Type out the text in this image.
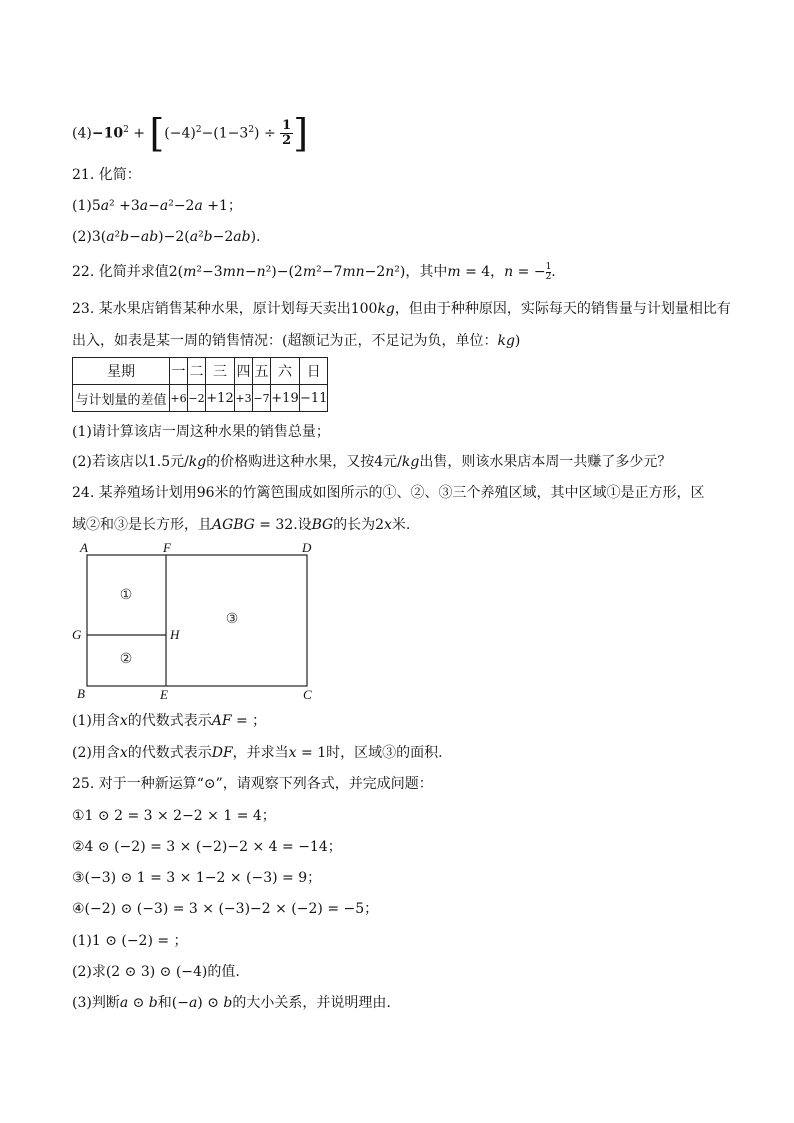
$(4)-10^2 + [(-4)^2-(1-3^2) \div \frac{1}{2}$ ]
21. 化简：
(1)5𝑎² +3𝑎−𝑎²−2𝑎 +1；
(2)3(𝑎²𝑏−𝑎𝑏)−2(𝑎²𝑏−2𝑎𝑏).
22. 化简并求值2(𝑚²−3𝑚𝑛−𝑛²)−(2𝑚²−7𝑚𝑛−2𝑛²)，其中𝑚 = 4，𝑛 = − $\frac{1}{2}$.
23. 某水果店销售某种水果，原计划每天卖出100𝑘𝑔，但由于种种原因，实际每天的销售量与计划量相比有
出入，如表是某一周的销售情况：(超额记为正，不足记为负，单位：𝑘𝑔)
星期	一	二	三	四	五	六	日
与计划量的差值	+6	−2	+12	+3	−7	+19	−11
(1)请计算该店一周这种水果的销售总量；
(2)若该店以1.5元/𝑘𝑔的价格购进这种水果，又按4元/𝑘𝑔出售，则该水果店本周一共赚了多少元？
24. 某养殖场计划用96米的竹篱笆围成如图所示的①、②、③三个养殖区域，其中区域①是正方形，区
域②和③是长方形，且𝐴𝐺𝐵𝐺 = 32.设𝐵𝐺的长为2𝑥米.
A	F	D
G	H
B	E	C
①
②
③
(1)用含𝑥的代数式表示𝐴𝐹 = ；
(2)用含𝑥的代数式表示𝐷𝐹，并求当𝑥 = 1时，区域③的面积.
25. 对于一种新运算“⊙”，请观察下列各式，并完成问题：
①1 ⊙ 2 = 3 × 2−2 × 1 = 4；
②4 ⊙ (−2) = 3 × (−2)−2 × 4 = −14；
③(−3) ⊙ 1 = 3 × 1−2 × (−3) = 9；
④(−2) ⊙ (−3) = 3 × (−3)−2 × (−2) = −5；
(1)1 ⊙ (−2) = ；
(2)求(2 ⊙ 3) ⊙ (−4)的值.
(3)判断𝑎 ⊙ 𝑏和(−𝑎) ⊙ 𝑏的大小关系，并说明理由.
